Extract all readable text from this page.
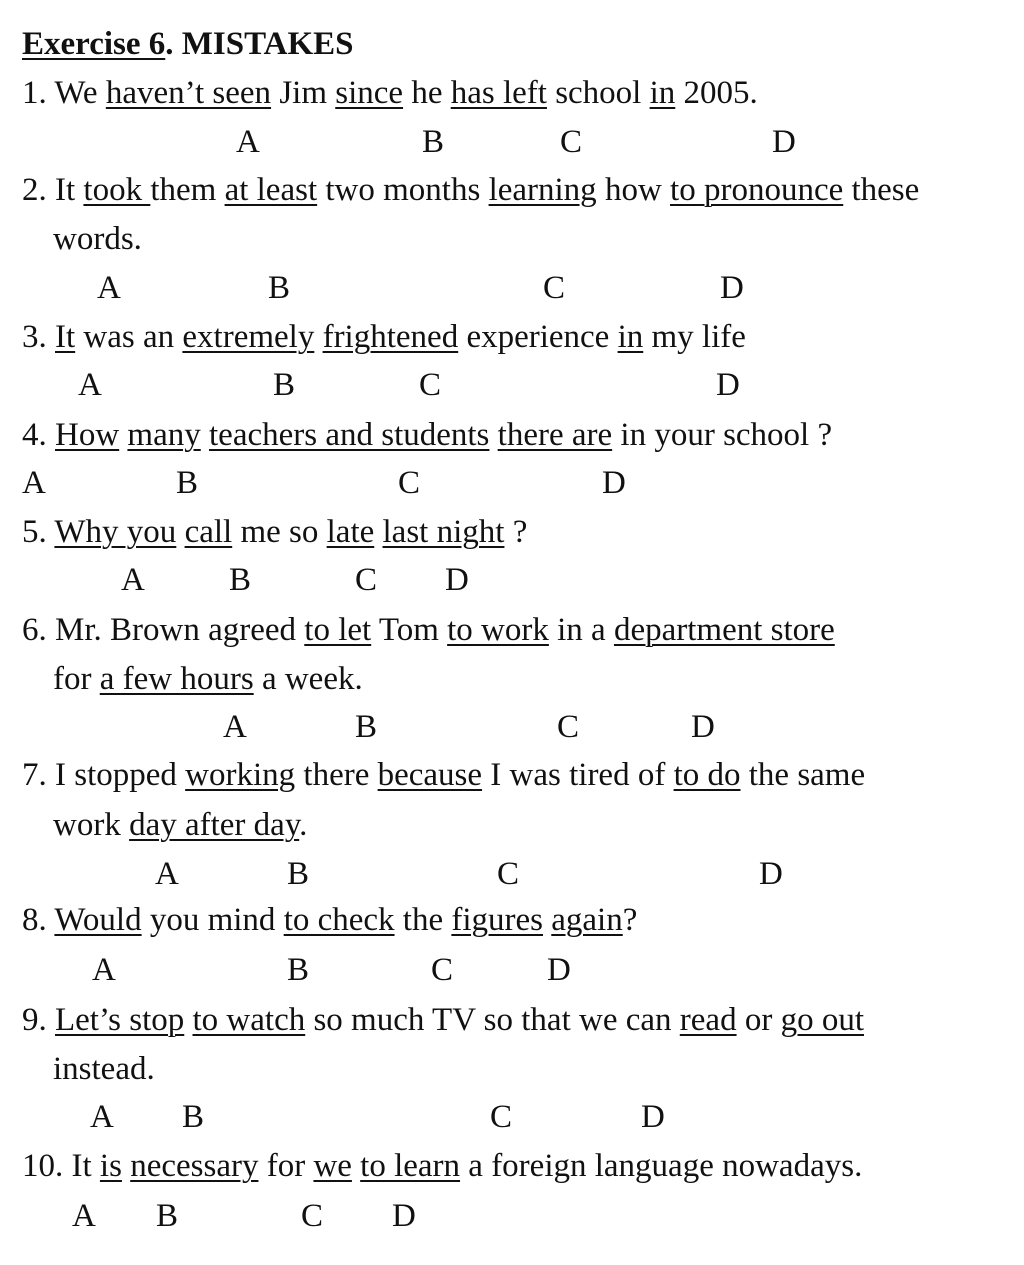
Exercise 6. MISTAKES
1. We haven’t seen Jim since he has left school in 2005.
2. It took them at least two months learning how to pronounce these
words.
3. It was an extremely frightened experience in my life
4. How many teachers and students there are in your school ?
5. Why you call me so late last night ?
6. Mr. Brown agreed to let Tom to work in a department store
for a few hours a week.
7. I stopped working there because I was tired of to do the same
work day after day.
8. Would you mind to check the figures again?
9. Let’s stop to watch so much TV so that we can read or go out
instead.
10. It is necessary for we to learn a foreign language nowadays.
A	B	C	D
A	B	C	D
A	B	C	D
A	B	C	D
A	B	C D
A	B	C	D
A	B	C	D
A	B	C	D
A B	C	D
A B	C D
